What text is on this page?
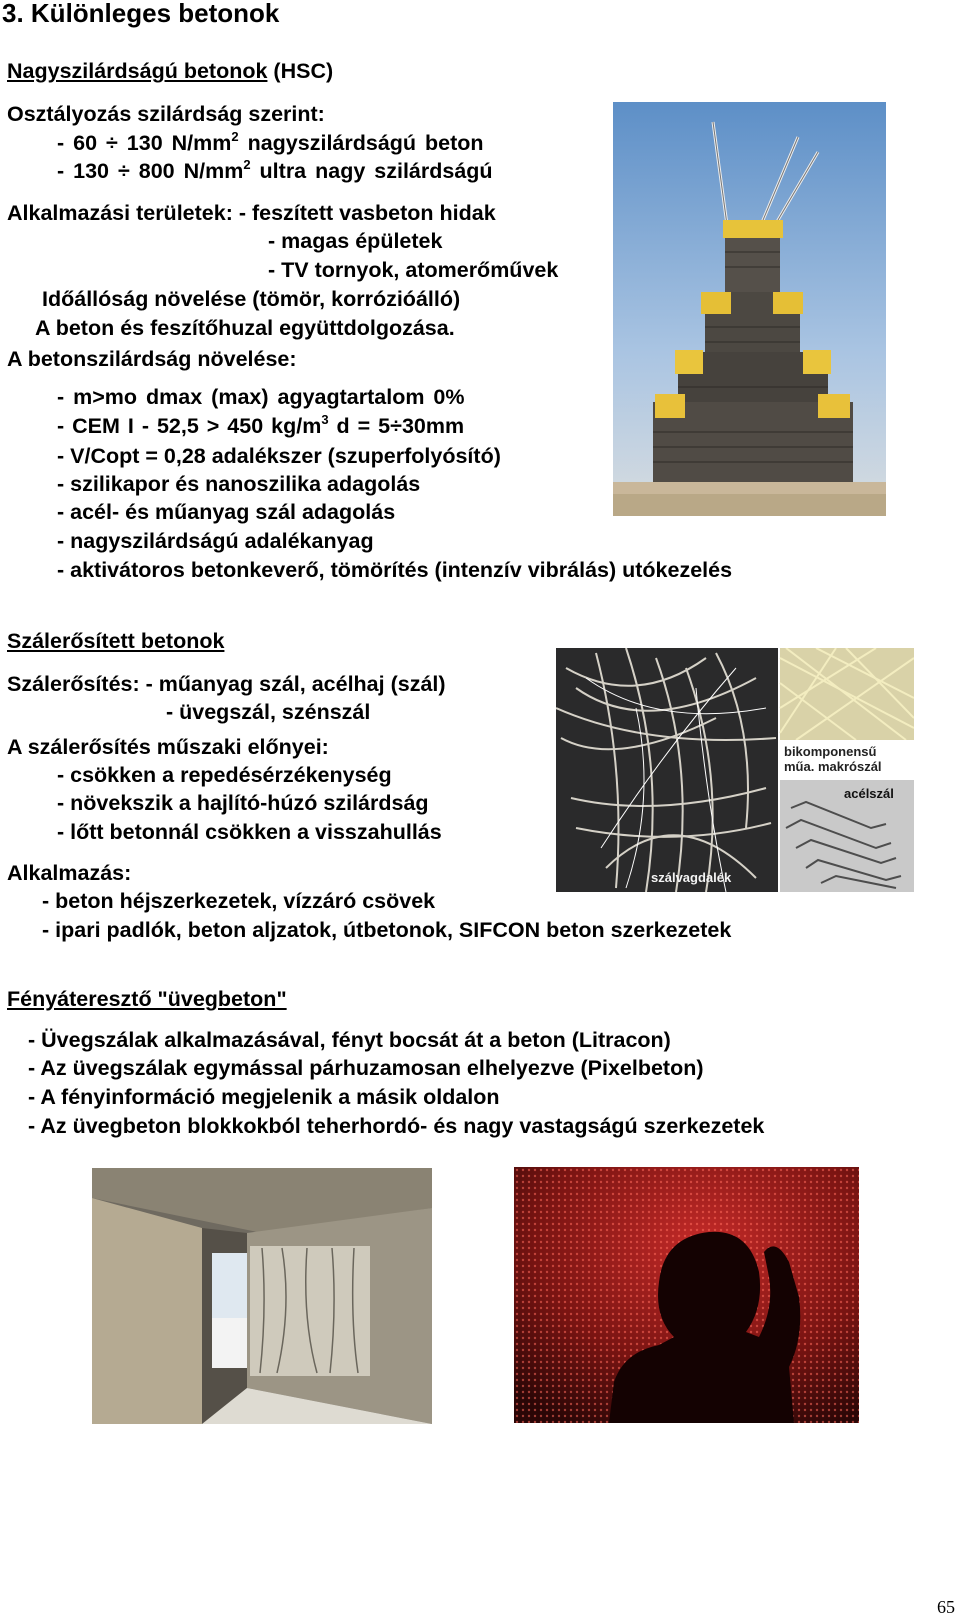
3. Különleges betonok
Nagyszilárdságú betonok (HSC)
Osztályozás szilárdság szerint:
- 60 ÷ 130 $N/mm^2$ nagyszilárdságú beton
- 130 ÷ 800 $N/mm^2$ ultra nagy szilárdságú
Alkalmazási területek: - feszített vasbeton hidak
- magas épületek
- TV tornyok, atomerőművek
Időállóság növelése (tömör, korrózióálló)
A beton és feszítőhuzal együttdolgozása.
A betonszilárdság növelése:
- m>mo dmax (max) agyagtartalom 0%
- CEM I - 52,5 > 450 $kg/m^3$ d = 5÷30mm
- V/Copt = 0,28 adalékszer (szuperfolyósító)
- szilikapor és nanoszilika adagolás
- acél- és műanyag szál adagolás
- nagyszilárdságú adalékanyag
- aktivátoros betonkeverő, tömörítés (intenzív vibrálás) utókezelés
Szálerősített betonok
Szálerősítés: - műanyag szál, acélhaj (szál)
- üvegszál, szénszál
A szálerősítés műszaki előnyei:
- csökken a repedésérzékenység
- növekszik a hajlító-húzó szilárdság
- lőtt betonnál csökken a visszahullás
Alkalmazás:
- beton héjszerkezetek, vízzáró csövek
- ipari padlók, beton aljzatok, útbetonok, SIFCON beton szerkezetek
bikomponensű
műa. makrószál
acélszál
szálvagdalék
Fényáteresztő "üvegbeton"
- Üvegszálak alkalmazásával, fényt bocsát át a beton (Litracon)
- Az üvegszálak egymással párhuzamosan elhelyezve (Pixelbeton)
- A fényinformáció megjelenik a másik oldalon
- Az üvegbeton blokkokból teherhordó- és nagy vastagságú szerkezetek
65
